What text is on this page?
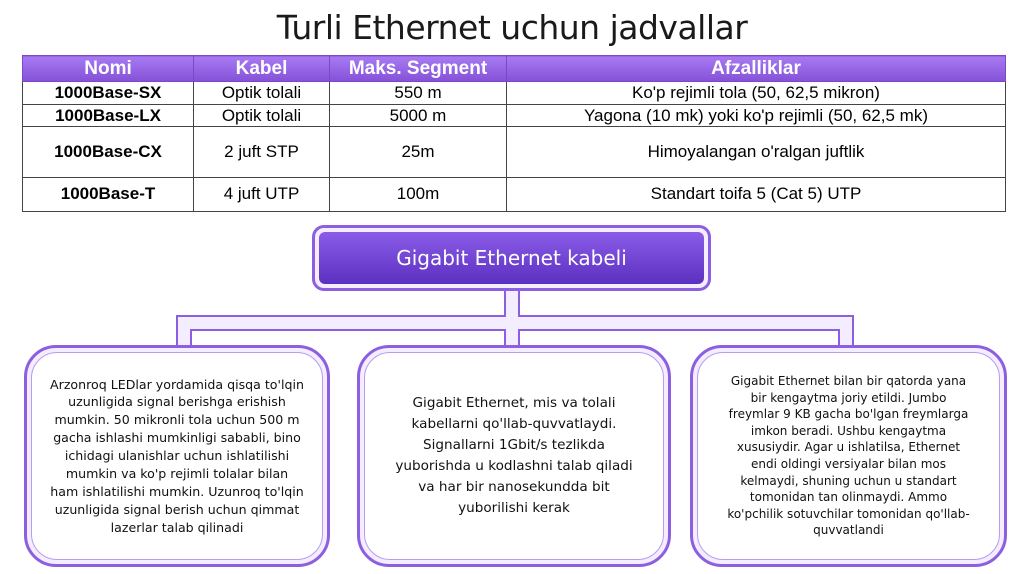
Turli Ethernet uchun jadvallar
Nomi	Kabel	Maks. Segment	Afzalliklar
1000Base-SX	Optik tolali	550 m	Ko'p rejimli tola (50, 62,5 mikron)
1000Base-LX	Optik tolali	5000 m	Yagona (10 mk) yoki ko'p rejimli (50, 62,5 mk)
1000Base-CX	2 juft STP	25m	Himoyalangan o'ralgan juftlik
1000Base-T	4 juft UTP	100m	Standart toifa 5 (Cat 5) UTP
Gigabit Ethernet kabeli
Arzonroq LEDlar yordamida qisqa to'lqin uzunligida signal berishga erishish mumkin. 50 mikronli tola uchun 500 m gacha ishlashi mumkinligi sababli, bino ichidagi ulanishlar uchun ishlatilishi mumkin va ko'p rejimli tolalar bilan ham ishlatilishi mumkin. Uzunroq to'lqin uzunligida signal berish uchun qimmat lazerlar talab qilinadi
Gigabit Ethernet, mis va tolali kabellarni qo'llab-quvvatlaydi. Signallarni 1Gbit/s tezlikda yuborishda u kodlashni talab qiladi va har bir nanosekundda bit yuborilishi kerak
Gigabit Ethernet bilan bir qatorda yana bir kengaytma joriy etildi. Jumbo freymlar 9 KB gacha bo'lgan freymlarga imkon beradi. Ushbu kengaytma xususiydir. Agar u ishlatilsa, Ethernet endi oldingi versiyalar bilan mos kelmaydi, shuning uchun u standart tomonidan tan olinmaydi. Ammo ko'pchilik sotuvchilar tomonidan qo'llab-quvvatlandi
